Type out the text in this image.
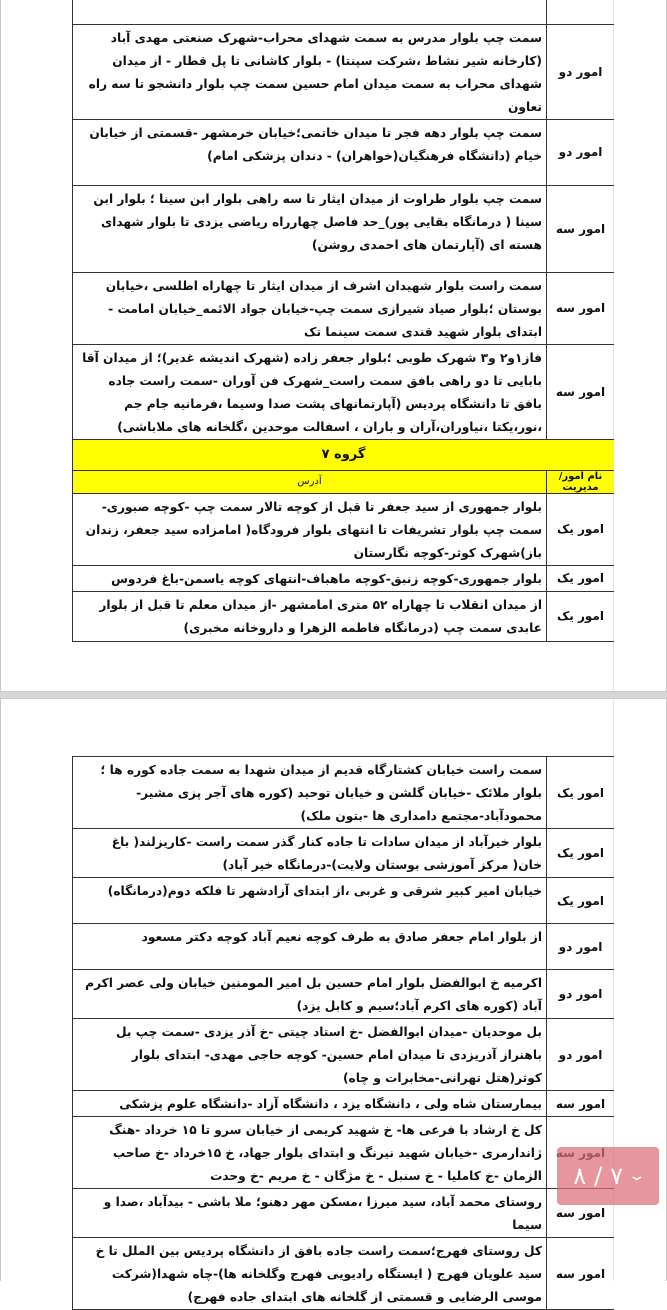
امور دو	سمت چپ بلوار مدرس به سمت شهدای محراب-شهرک صنعتی مهدی آباد (کارخانه شیر نشاط ،شرکت سپنتا) - بلوار کاشانی تا پل قطار - از میدان شهدای محراب به سمت میدان امام حسین سمت چپ بلوار دانشجو تا سه راه تعاون
امور دو	سمت چپ بلوار دهه فجر تا میدان خاتمی؛خیابان خرمشهر -قسمتی از خیابان خیام (دانشگاه فرهنگیان(خواهران) - دندان پزشکی امام)
امور سه	سمت چپ بلوار طراوت از میدان ایثار تا سه راهی بلوار ابن سینا ؛ بلوار ابن سینا ( درمانگاه بقایی پور)_حد فاصل چهارراه ریاضی یزدی تا بلوار شهدای هسته ای (آپارتمان های احمدی روشن)
امور سه	سمت راست بلوار شهیدان اشرف از میدان ایثار تا چهاراه اطلسی ،خیابان بوستان ؛بلوار صیاد شیرازی سمت چپ-خیابان جواد الائمه_خیابان امامت - ابتدای بلوار شهید قندی سمت سینما تک
امور سه	فاز۱و۲ و۳ شهرک طوبی ؛بلوار جعفر زاده (شهرک اندیشه غدیر)؛ از میدان آقا بابایی تا دو راهی بافق سمت راست_شهرک فن آوران -سمت راست جاده بافق تا دانشگاه پردیس (آپارتمانهای پشت صدا وسیما ،فرمانیه جام جم ،نور،یکتا ،نیاوران،آران و باران ، اسفالت موحدین ،گلخانه های ملاباشی)
گروه ۷	
نام امور/مدیریت	آدرس
امور یک	بلوار جمهوری از سید جعفر تا قبل از کوچه تالار سمت چپ -کوچه صبوری-سمت چپ بلوار تشریفات تا انتهای بلوار فرودگاه( امامزاده سید جعفر، زندان باز)شهرک کوثر-کوچه نگارستان
امور یک	بلوار جمهوری-کوچه زنبق-کوچه ماهباف-انتهای کوچه یاسمن-باغ فردوس
امور یک	از میدان انقلاب تا چهاراه ۵۲ متری امامشهر -از میدان معلم تا قبل از بلوار عابدی سمت چپ (درمانگاه فاطمه الزهرا و داروخانه مخبری)
امور یک	سمت راست خیابان کشتارگاه قدیم از میدان شهدا به سمت جاده کوره ها ؛بلوار ملائک -خیابان گلشن و خیابان توحید (کوره های آجر پزی مشیر-محمودآباد-مجتمع دامداری ها -بتون ملک)
امور یک	بلوار خیرآباد از میدان سادات تا جاده کنار گذر سمت راست -کاریزلند( باغ خان( مرکز آموزشی بوستان ولایت)-درمانگاه خیر آباد)
امور یک	خیابان امیر کبیر شرقی و غربی ،از ابتدای آزادشهر تا فلکه دوم(درمانگاه)
امور دو	از بلوار امام جعفر صادق به طرف کوچه نعیم آباد کوچه دکتر مسعود
امور دو	اکرمیه خ ابوالفضل بلوار امام حسین بل امیر المومنین خیابان ولی عصر اکرم آباد (کوره های اکرم آباد؛سیم و کابل یزد)
امور دو	بل موحدیان -میدان ابوالفضل -خ استاد چیتی -خ آذر یزدی -سمت چپ بل باهنراز آذریزدی تا میدان امام حسین- کوچه حاجی مهدی- ابتدای بلوار کوثر(هتل تهرانی-مخابرات و چاه)
امور سه	بیمارستان شاه ولی ، دانشگاه یزد ، دانشگاه آزاد -دانشگاه علوم پزشکی
	کل خ ارشاد با فرعی ها- خ شهید کریمی از خیابان سرو تا ۱۵ خرداد -هنگ ژاندارمری -خیابان شهید نیرنگ و ابتدای بلوار جهاد، خ ۱۵خرداد -خ صاحب الزمان -خ کاملیا - خ سنبل - خ مژگان - خ مریم -خ وحدت
امور سه	روستای محمد آباد، سید میرزا ،مسکن مهر دهنو؛ ملا باشی - بیدآباد ،صدا و سیما
امور سه	کل روستای فهرج؛سمت راست جاده بافق از دانشگاه پردیس بین الملل تا خ سید علویان فهرج ( ایستگاه رادیویی فهرج وگلخانه ها)-چاه شهدا(شرکت موسی الرضایی و قسمتی از گلخانه های ابتدای جاده فهرج)
۸ / ۷ ⌄
